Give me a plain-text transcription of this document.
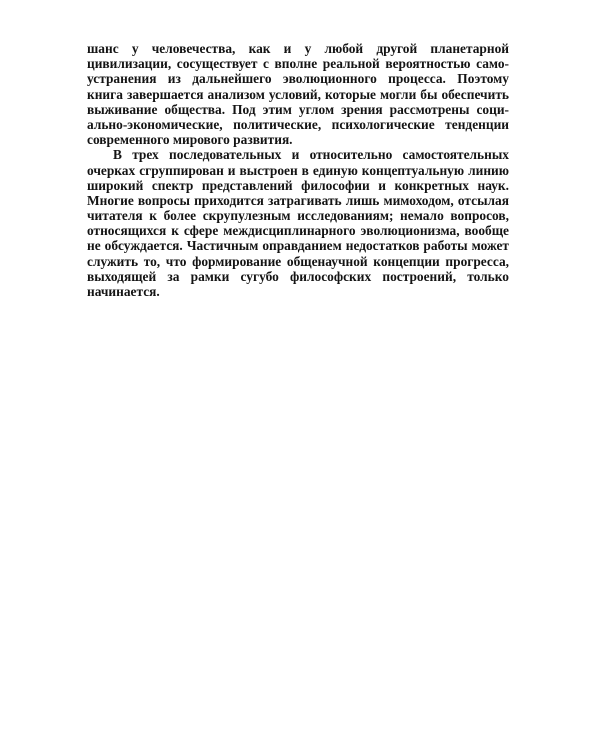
шанс у человечества, как и у любой другой планетарной
цивилизации, сосуществует с вполне реальной вероятностью само-
устранения из дальнейшего эволюционного процесса. Поэтому
книга завершается анализом условий, которые могли бы обеспечить
выживание общества. Под этим углом зрения рассмотрены соци-
ально-экономические, политические, психологические тенденции
современного мирового развития.
В трех последовательных и относительно самостоятельных
очерках сгруппирован и выстроен в единую концептуальную линию
широкий спектр представлений философии и конкретных наук.
Многие вопросы приходится затрагивать лишь мимоходом, отсылая
читателя к более скрупулезным исследованиям; немало вопросов,
относящихся к сфере междисциплинарного эволюционизма, вообще
не обсуждается. Частичным оправданием недостатков работы может
служить то, что формирование общенаучной концепции прогресса,
выходящей за рамки сугубо философских построений, только
начинается.
